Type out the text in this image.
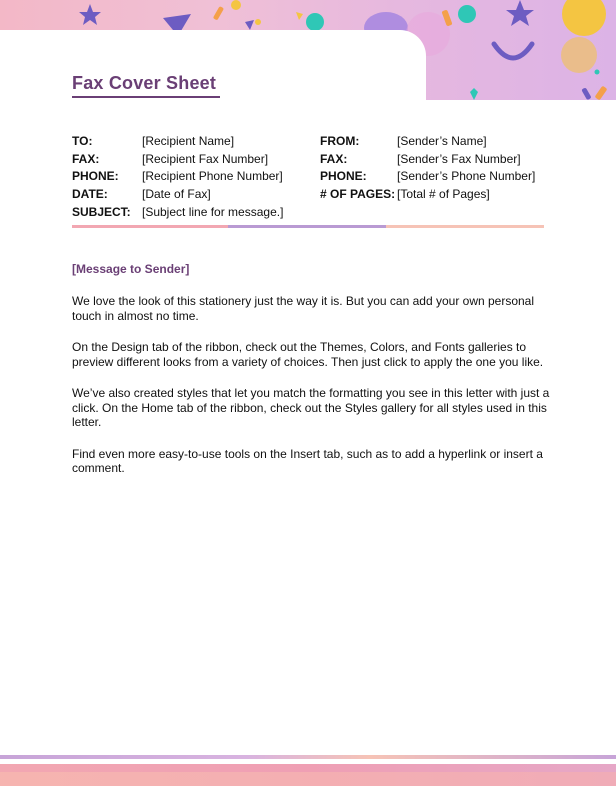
Fax Cover Sheet
TO:	[Recipient Name]
FAX:	[Recipient Fax Number]
PHONE:	[Recipient Phone Number]
DATE:	[Date of Fax]
SUBJECT: [Subject line for message.]
FROM:	[Sender’s Name]
FAX:	[Sender’s Fax Number]
PHONE:	[Sender’s Phone Number]
# OF PAGES: [Total # of Pages]
[Message to Sender]

We love the look of this stationery just the way it is. But you can add your own personal touch in almost no time.

On the Design tab of the ribbon, check out the Themes, Colors, and Fonts galleries to preview different looks from a variety of choices. Then just click to apply the one you like.

We’ve also created styles that let you match the formatting you see in this letter with just a click. On the Home tab of the ribbon, check out the Styles gallery for all styles used in this letter.

Find even more easy-to-use tools on the Insert tab, such as to add a hyperlink or insert a comment.
